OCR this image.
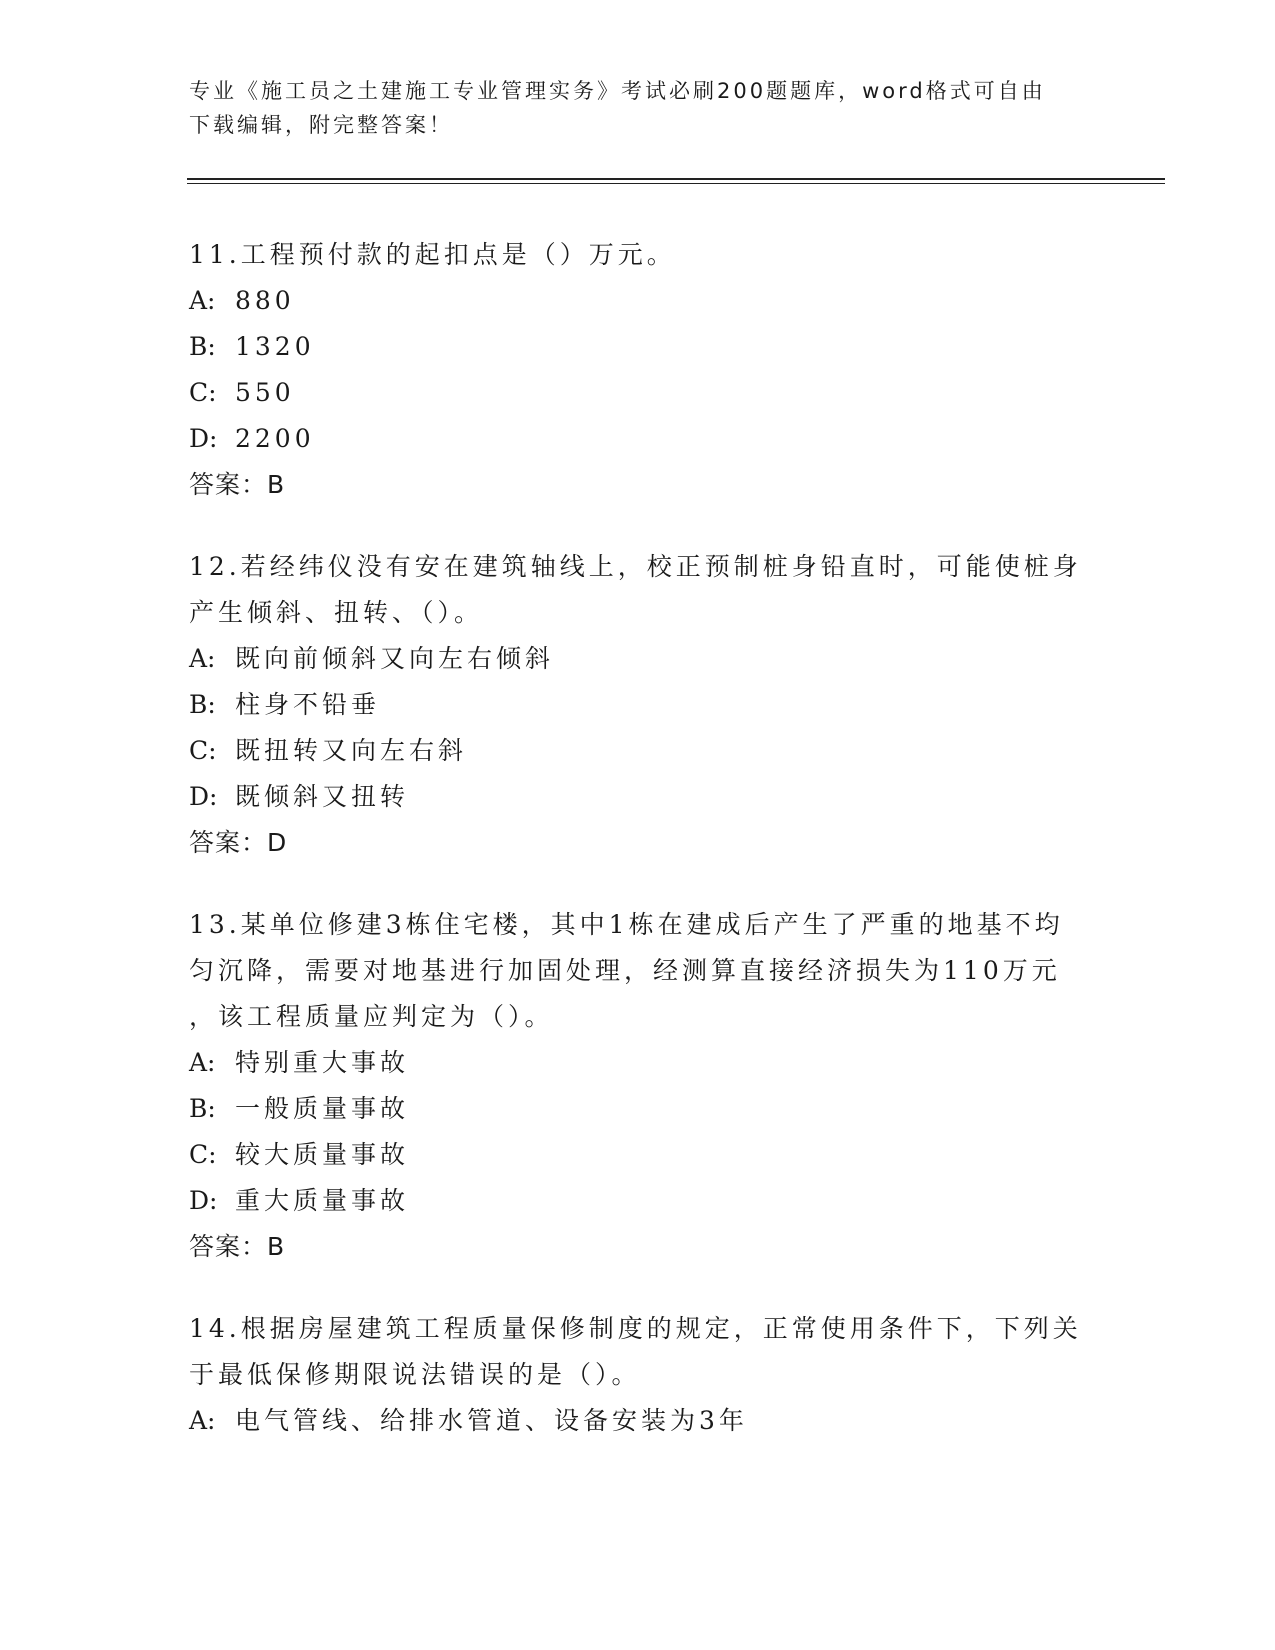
专业《施工员之土建施工专业管理实务》考试必刷200题题库，word格式可自由
下载编辑，附完整答案！
11.工程预付款的起扣点是（）万元。
A: 880
B: 1320
C: 550
D: 2200
答案：B
12.若经纬仪没有安在建筑轴线上，校正预制桩身铅直时，可能使桩身
产生倾斜、扭转、（）。
A: 既向前倾斜又向左右倾斜
B: 柱身不铅垂
C: 既扭转又向左右斜
D: 既倾斜又扭转
答案：D
13.某单位修建3栋住宅楼，其中1栋在建成后产生了严重的地基不均
匀沉降，需要对地基进行加固处理，经测算直接经济损失为110万元
，该工程质量应判定为（）。
A: 特别重大事故
B: 一般质量事故
C: 较大质量事故
D: 重大质量事故
答案：B
14.根据房屋建筑工程质量保修制度的规定，正常使用条件下，下列关
于最低保修期限说法错误的是（）。
A: 电气管线、给排水管道、设备安装为3年
